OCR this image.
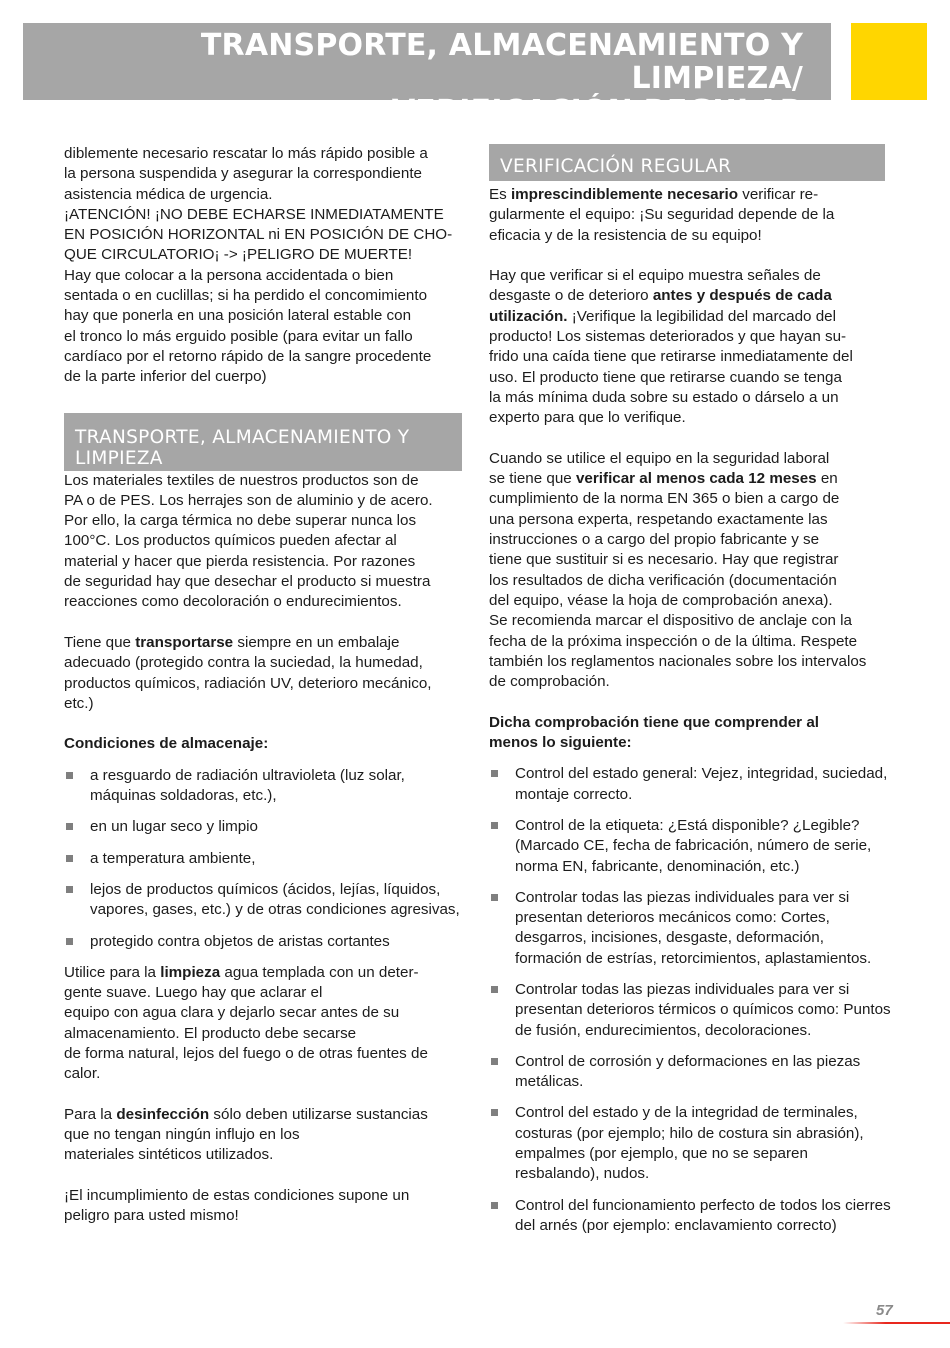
TRANSPORTE, ALMACENAMIENTO Y LIMPIEZA/
VERIFICACIÓN REGULAR
diblemente necesario rescatar lo más rápido posible a
la persona suspendida y asegurar la correspondiente
asistencia médica de urgencia.
¡ATENCIÓN! ¡NO DEBE ECHARSE INMEDIATAMENTE
EN POSICIÓN HORIZONTAL ni EN POSICIÓN DE CHO-
QUE CIRCULATORIO¡ -> ¡PELIGRO DE MUERTE!
Hay que colocar a la persona accidentada o bien
sentada o en cuclillas; si ha perdido el concomimiento
hay que ponerla en una posición lateral estable con
el tronco lo más erguido posible (para evitar un fallo
cardíaco por el retorno rápido de la sangre procedente
de la parte inferior del cuerpo)
TRANSPORTE, ALMACENAMIENTO Y
LIMPIEZA
Los materiales textiles de nuestros productos son de
PA o de PES. Los herrajes son de aluminio y de acero.
Por ello, la carga térmica no debe superar nunca los
100°C. Los productos químicos pueden afectar al
material y hacer que pierda resistencia. Por razones
de seguridad hay que desechar el producto si muestra
reacciones como decoloración o endurecimientos.
Tiene que transportarse siempre en un embalaje
adecuado (protegido contra la suciedad, la humedad,
productos químicos, radiación UV, deterioro mecánico,
etc.)
Condiciones de almacenaje:
a resguardo de radiación ultravioleta (luz solar, máquinas soldadoras, etc.),
en un lugar seco y limpio
a temperatura ambiente,
lejos de productos químicos (ácidos, lejías, líquidos, vapores, gases, etc.) y de otras condiciones agresivas,
protegido contra objetos de aristas cortantes
Utilice para la limpieza agua templada con un deter-
gente suave. Luego hay que aclarar el
equipo con agua clara y dejarlo secar antes de su
almacenamiento. El producto debe secarse
de forma natural, lejos del fuego o de otras fuentes de
calor.
Para la desinfección sólo deben utilizarse sustancias
que no tengan ningún influjo en los
materiales sintéticos utilizados.
¡El incumplimiento de estas condiciones supone un
peligro para usted mismo!
VERIFICACIÓN REGULAR
Es imprescindiblemente necesario verificar re-
gularmente el equipo: ¡Su seguridad depende de la
eficacia y de la resistencia de su equipo!
Hay que verificar si el equipo muestra señales de
desgaste o de deterioro antes y después de cada
utilización. ¡Verifique la legibilidad del marcado del
producto! Los sistemas deteriorados y que hayan su-
frido una caída tiene que retirarse inmediatamente del
uso. El producto tiene que retirarse cuando se tenga
la más mínima duda sobre su estado o dárselo a un
experto para que lo verifique.
Cuando se utilice el equipo en la seguridad laboral
se tiene que verificar al menos cada 12 meses en
cumplimiento de la norma EN 365 o bien a cargo de
una persona experta, respetando exactamente las
instrucciones o a cargo del propio fabricante y se
tiene que sustituir si es necesario. Hay que registrar
los resultados de dicha verificación (documentación
del equipo, véase la hoja de comprobación anexa).
Se recomienda marcar el dispositivo de anclaje con la
fecha de la próxima inspección o de la última. Respete
también los reglamentos nacionales sobre los intervalos
de comprobación.
Dicha comprobación tiene que comprender al
menos lo siguiente:
Control del estado general: Vejez, integridad, suciedad, montaje correcto.
Control de la etiqueta: ¿Está disponible? ¿Legible? (Marcado CE, fecha de fabricación, número de serie, norma EN, fabricante, denominación, etc.)
Controlar todas las piezas individuales para ver si presentan deterioros mecánicos como: Cortes, desgarros, incisiones, desgaste, deformación, formación de estrías, retorcimientos, aplastamientos.
Controlar todas las piezas individuales para ver si presentan deterioros térmicos o químicos como: Puntos de fusión, endurecimientos, decoloraciones.
Control de corrosión y deformaciones en las piezas metálicas.
Control del estado y de la integridad de terminales, costuras (por ejemplo; hilo de costura sin abrasión), empalmes (por ejemplo, que no se separen resbalando), nudos.
Control del funcionamiento perfecto de todos los cierres del arnés (por ejemplo: enclavamiento correcto)
57
